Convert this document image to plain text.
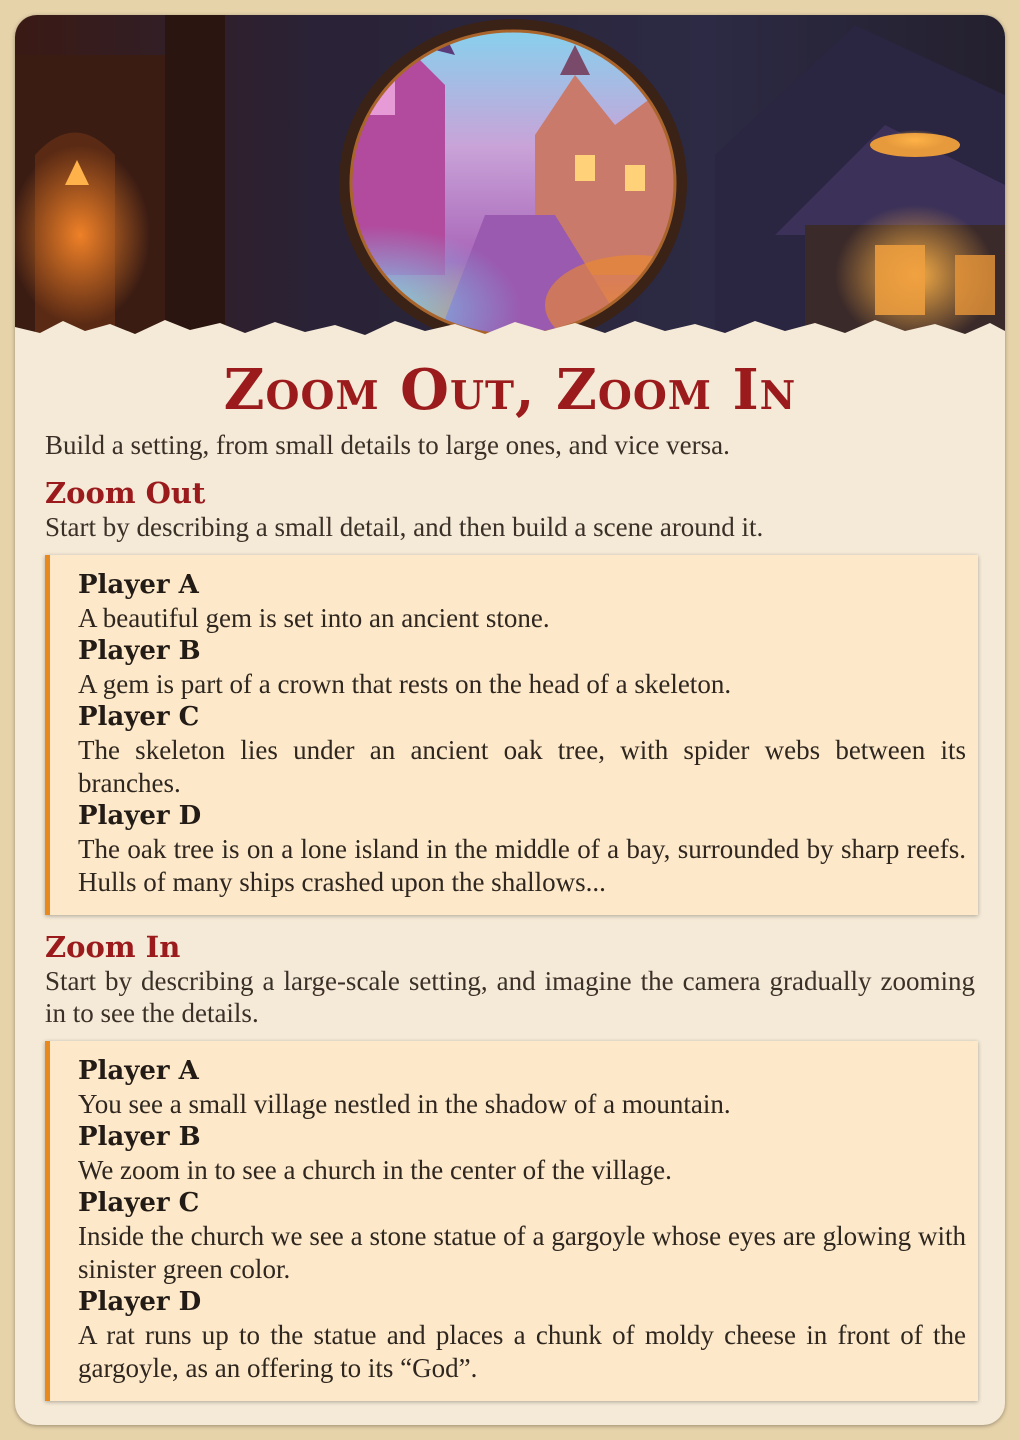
Zoom Out, Zoom In

Build a setting, from small details to large ones, and vice versa.

Zoom Out

Start by describing a small detail, and then build a scene around it.

Player A
A beautiful gem is set into an ancient stone.
Player B
A gem is part of a crown that rests on the head of a skeleton.
Player C
The skeleton lies under an ancient oak tree, with spider webs between its branches.
Player D
The oak tree is on a lone island in the middle of a bay, surrounded by sharp reefs. Hulls of many ships crashed upon the shallows...
Zoom In

Start by describing a large-scale setting, and imagine the camera gradually zooming in to see the details.

Player A
You see a small village nestled in the shadow of a mountain.
Player B
We zoom in to see a church in the center of the village.
Player C
Inside the church we see a stone statue of a gargoyle whose eyes are glowing with sinister green color.
Player D
A rat runs up to the statue and places a chunk of moldy cheese in front of the gargoyle, as an offering to its “God”.
